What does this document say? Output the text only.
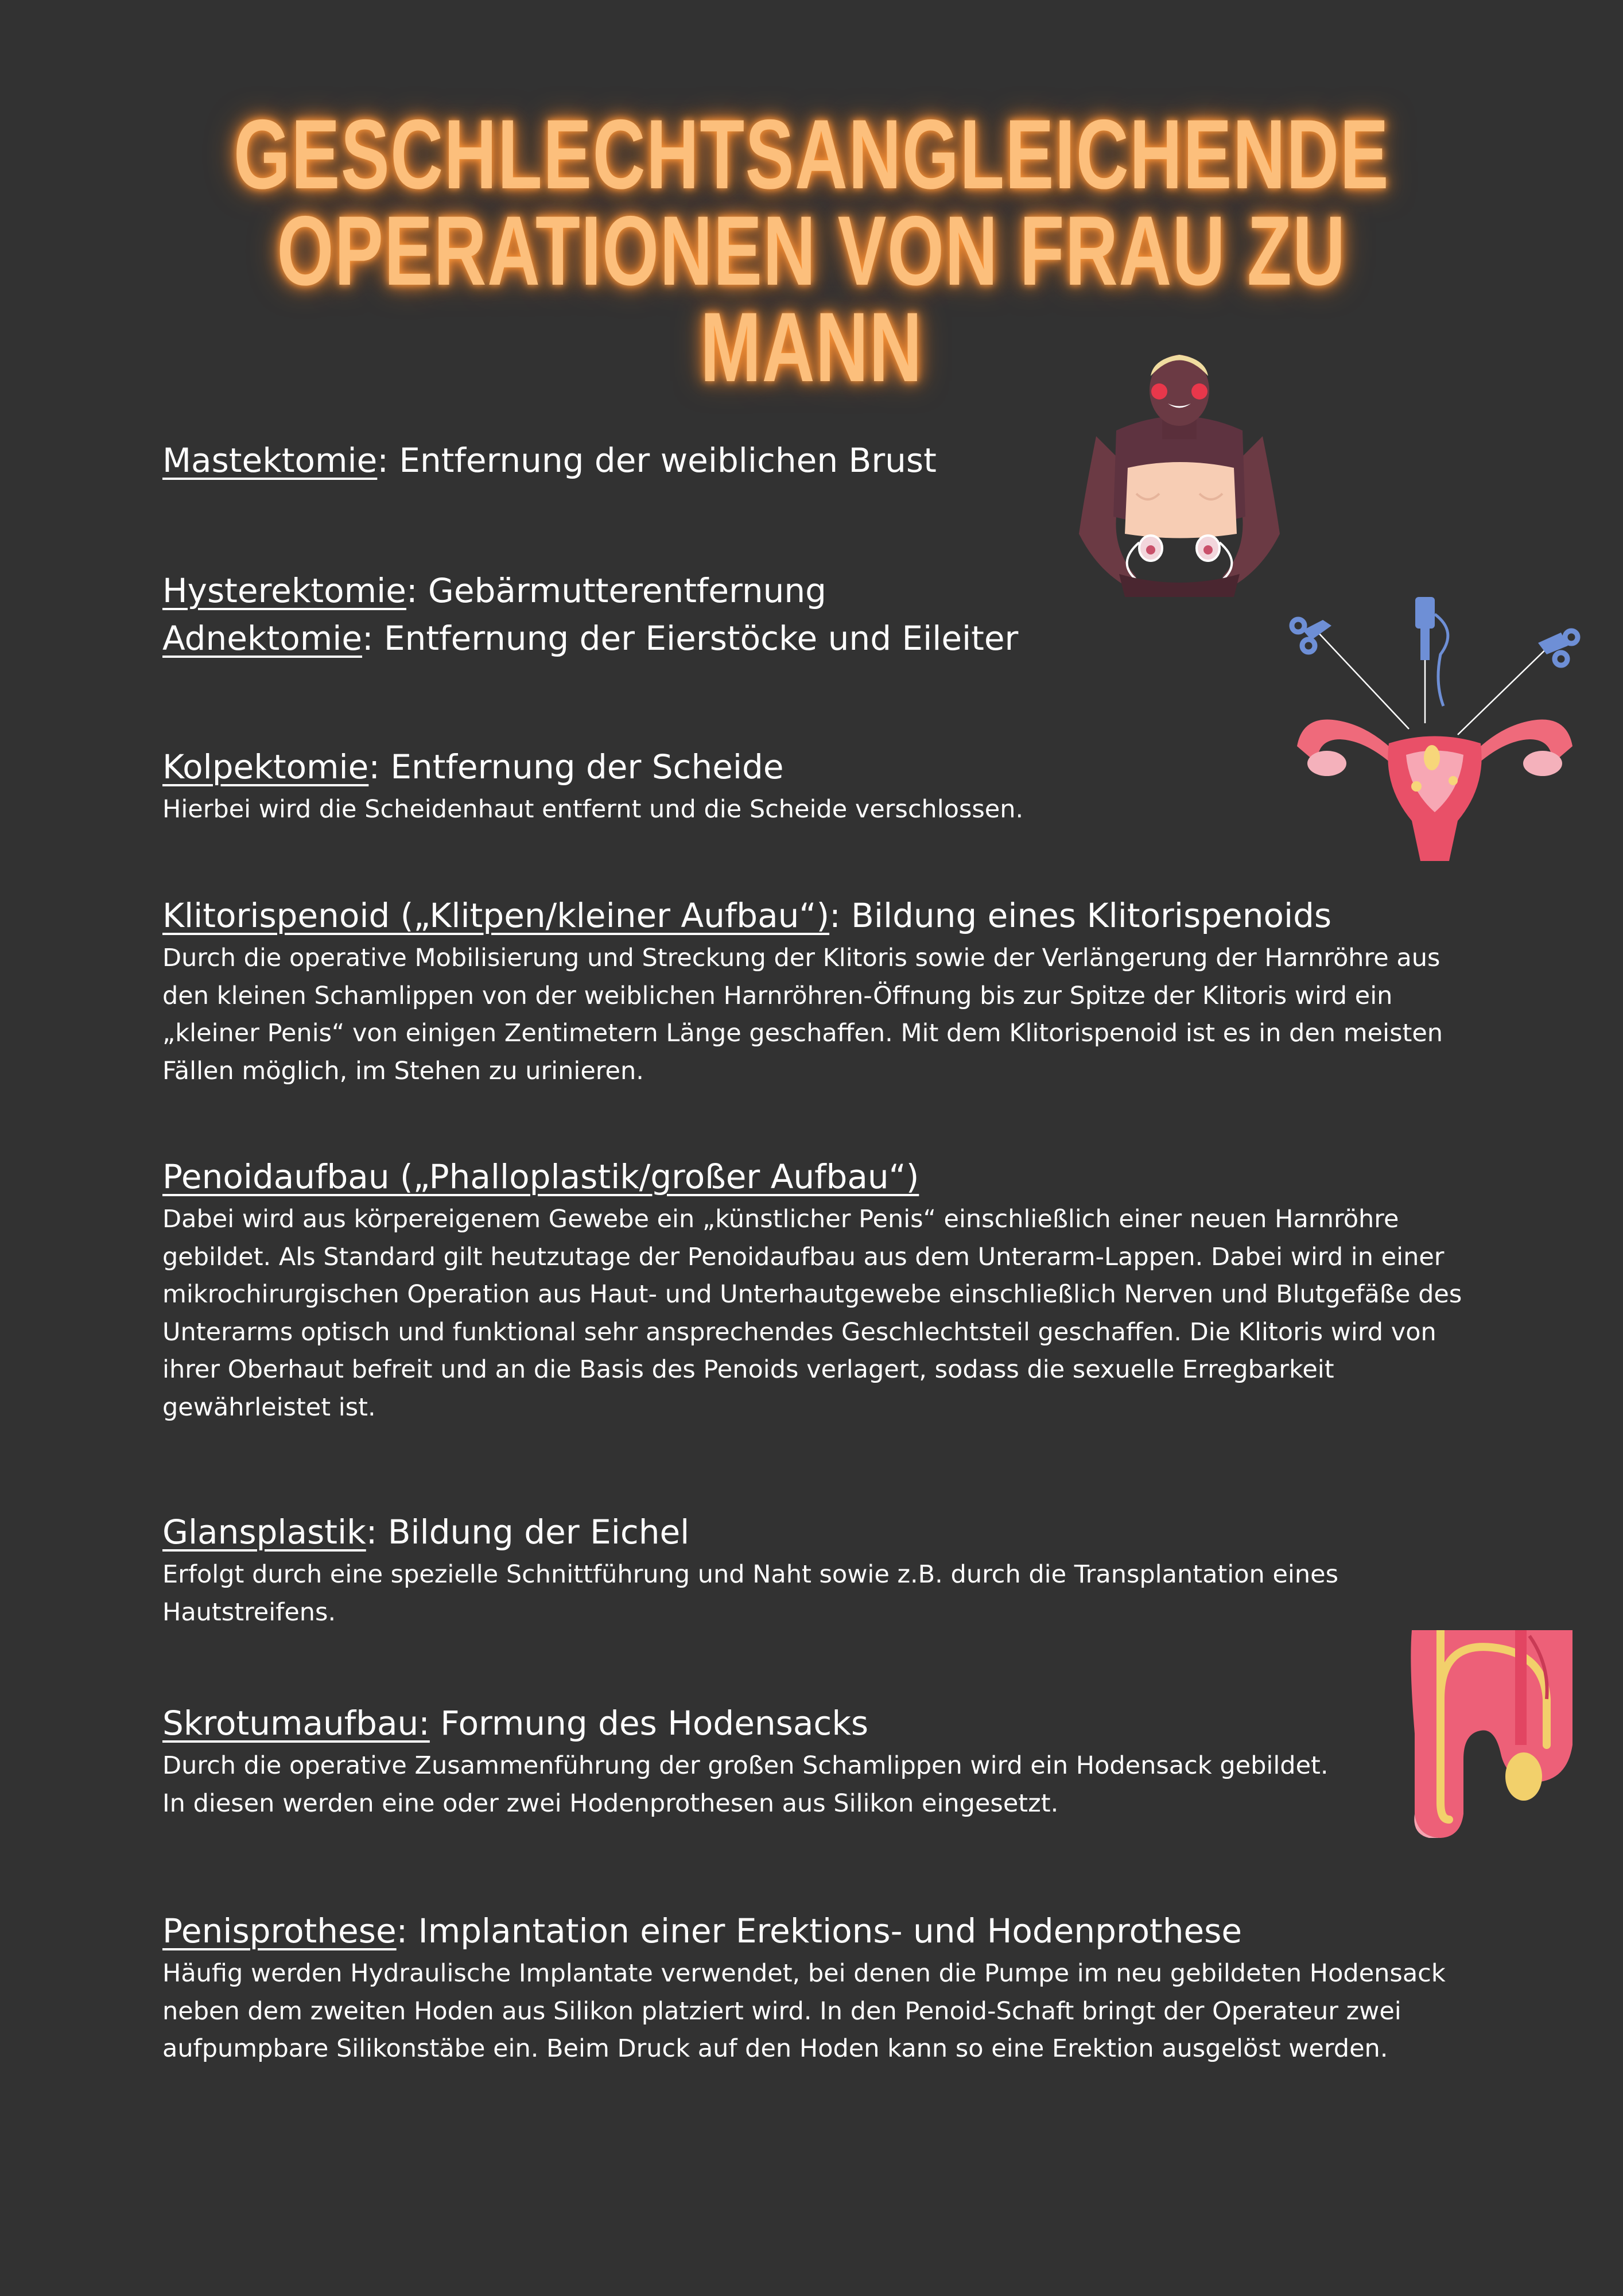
GESCHLECHTSANGLEICHENDE
OPERATIONEN VON FRAU ZU MANN

Mastektomie: Entfernung der weiblichen Brust

Hysterektomie: Gebärmutterentfernung

Adnektomie: Entfernung der Eierstöcke und Eileiter

Kolpektomie: Entfernung der Scheide

Hierbei wird die Scheidenhaut entfernt und die Scheide verschlossen.

Klitorispenoid („Klitpen/kleiner Aufbau“): Bildung eines Klitorispenoids

Durch die operative Mobilisierung und Streckung der Klitoris sowie der Verlängerung der Harnröhre aus den kleinen Schamlippen von der weiblichen Harnröhren-Öffnung bis zur Spitze der Klitoris wird ein „kleiner Penis“ von einigen Zentimetern Länge geschaffen. Mit dem Klitorispenoid ist es in den meisten Fällen möglich, im Stehen zu urinieren.

Penoidaufbau („Phalloplastik/großer Aufbau“)

Dabei wird aus körpereigenem Gewebe ein „künstlicher Penis“ einschließlich einer neuen Harnröhre gebildet. Als Standard gilt heutzutage der Penoidaufbau aus dem Unterarm-Lappen. Dabei wird in einer mikrochirurgischen Operation aus Haut- und Unterhautgewebe einschließlich Nerven und Blutgefäße des Unterarms optisch und funktional sehr ansprechendes Geschlechtsteil geschaffen. Die Klitoris wird von ihrer Oberhaut befreit und an die Basis des Penoids verlagert, sodass die sexuelle Erregbarkeit gewährleistet ist.

Glansplastik: Bildung der Eichel

Erfolgt durch eine spezielle Schnittführung und Naht sowie z.B. durch die Transplantation eines Hautstreifens.

Skrotumaufbau: Formung des Hodensacks

Durch die operative Zusammenführung der großen Schamlippen wird ein Hodensack gebildet. In diesen werden eine oder zwei Hodenprothesen aus Silikon eingesetzt.

Penisprothese: Implantation einer Erektions- und Hodenprothese

Häufig werden Hydraulische Implantate verwendet, bei denen die Pumpe im neu gebildeten Hodensack neben dem zweiten Hoden aus Silikon platziert wird. In den Penoid-Schaft bringt der Operateur zwei aufpumpbare Silikonstäbe ein. Beim Druck auf den Hoden kann so eine Erektion ausgelöst werden.
